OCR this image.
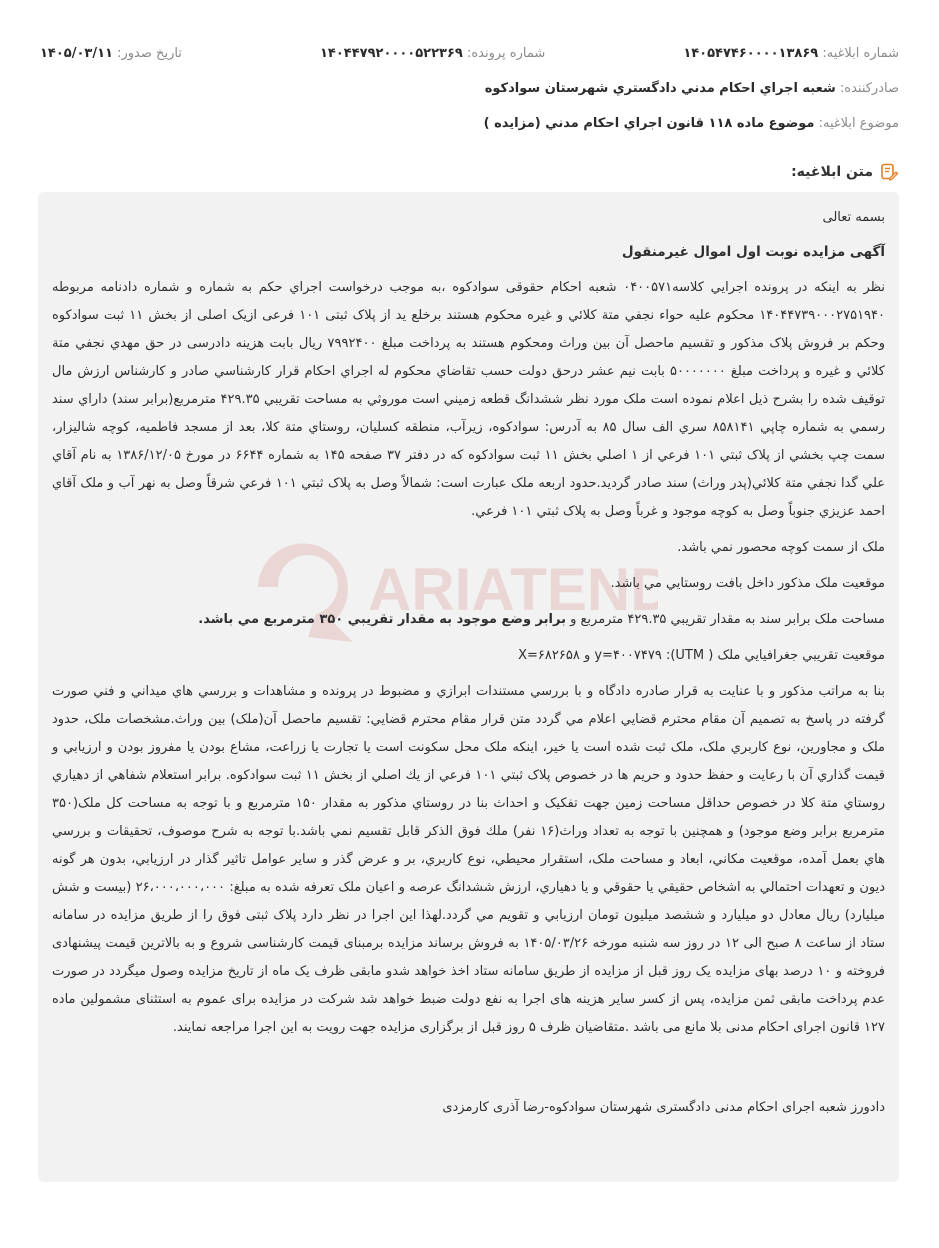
شماره ابلاغیه: ۱۴۰۵۴۷۴۶۰۰۰۰۱۳۸۶۹
شماره پرونده: ۱۴۰۴۴۷۹۲۰۰۰۰۵۲۲۳۶۹
تاریخ صدور: ۱۴۰۵/۰۳/۱۱
صادرکننده: شعبه اجراي احكام مدني دادگستري شهرستان سوادكوه
موضوع ابلاغیه: موضوع ماده ۱۱۸ قانون اجراي احكام مدني (مزايده )
متن ابلاغیه:
ARIATEND

بسمه تعالی

آگهی مزایده نوبت اول اموال غیرمنقول

نظر به اينكه در پرونده اجرايي كلاسه۰۴۰۰۵۷۱ شعبه احكام حقوقی سوادكوه ،به موجب درخواست اجراي حكم به شماره و شماره دادنامه مربوطه ۱۴۰۴۴۷۳۹۰۰۰۲۷۵۱۹۴۰ محکوم علیه حواء نجفي متة كلائي و غيره محكوم هستند برخلع يد از پلاک ثبتی ۱۰۱ فرعی ازيک اصلی از بخش ۱۱ ثبت سوادکوه وحکم بر فروش پلاک مذكور و تقسيم ماحصل آن بين وراث ومحکوم هستند به پرداخت مبلغ ۷۹۹۲۴۰۰ ريال بابت هزينه دادرسی در حق مهدي نجفي متة كلائي و غيره و پرداخت مبلغ ۵۰۰۰۰۰۰۰ بابت نيم عشر درحق دولت حسب تقاضاي محكوم له اجراي احكام قرار كارشناسي صادر و كارشناس ارزش مال توقيف شده را بشرح ذيل اعلام نموده است ملک مورد نظر ششدانگ قطعه زميني است موروثي به مساحت تقريبي ۴۲۹.۳۵ مترمربع(برابر سند) داراي سند رسمي به شماره چاپي ۸۵۸۱۴۱ سري الف سال ۸۵ به آدرس: سوادكوه، زيرآب، منطقه كسليان، روستاي متة كلا، بعد از مسجد فاطميه، کوچه شاليزار، سمت چپ بخشي از پلاک ثبتي ۱۰۱ فرعي از ۱ اصلي بخش ۱۱ ثبت سوادكوه كه در دفتر ۳۷ صفحه ۱۴۵ به شماره ۶۶۴۴ در مورخ ۱۳۸۶/۱۲/۰۵ به نام آقاي علي گدا نجفي متة كلائي(پدر وراث) سند صادر گرديد.حدود اربعه ملک عبارت است: شمالاً وصل به پلاک ثبتي ۱۰۱ فرعي شرقاً وصل به نهر آب و ملک آقاي احمد عزيزي جنوباً وصل به كوچه موجود و غرباً وصل به پلاک ثبتي ۱۰۱ فرعي.

ملک از سمت کوچه محصور نمي باشد.

موقعيت ملک مذکور داخل بافت روستايي مي باشد.

مساحت ملک برابر سند به مقدار تقريبي ۴۲۹.۳۵ مترمربع و برابر وضع موجود به مقدار تقريبي ۳۵۰ مترمربع مي باشد.

موقعيت تقريبي جغرافيايي ملک ( UTM): y=۴۰۰۷۴۷۹ و X=۶۸۲۶۵۸

بنا به مراتب مذكور و با عنايت به قرار صادره دادگاه و با بررسي مستندات ابرازي و مضبوط در پرونده و مشاهدات و بررسي هاي ميداني و فني صورت گرفته در پاسخ به تصميم آن مقام محترم قضايي اعلام مي گردد متن قرار مقام محترم قضايي: تقسيم ماحصل آن(ملک) بين وراث.مشخصات ملک، حدود ملک و مجاورين، نوع كاربري ملک، ملک ثبت شده است يا خير، اينكه ملک محل سكونت است يا تجارت يا زراعت، مشاع بودن يا مفروز بودن و ارزيابي و قيمت گذاري آن با رعايت و حفظ حدود و حريم ها در خصوص پلاک ثبتي ۱۰۱ فرعي از يك اصلي از بخش ۱۱ ثبت سوادكوه. برابر استعلام شفاهي از دهياري روستاي متة كلا در خصوص حداقل مساحت زمين جهت تفکيک و احداث بنا در روستاي مذکور به مقدار ۱۵۰ مترمربع و با توجه به مساحت كل ملک(۳۵۰ مترمربع برابر وضع موجود) و همچنين با توجه به تعداد وراث(۱۶ نفر) ملك فوق الذكر قابل تقسيم نمي باشد.با توجه به شرح موصوف، تحقيقات و بررسي هاي بعمل آمده، موقعيت مكاني، ابعاد و مساحت ملک، استقرار محيطي، نوع كاربري، بر و عرض گذر و ساير عوامل تاثير گذار در ارزيابي، بدون هر گونه ديون و تعهدات احتمالي به اشخاص حقيقي يا حقوقي و يا دهياري، ارزش ششدانگ عرصه و اعيان ملک تعرفه شده به مبلغ: ۲۶،۰۰۰،۰۰۰،۰۰۰ (بيست و شش ميليارد) ريال معادل دو ميليارد و ششصد ميليون تومان ارزيابي و تقويم مي گردد.لهذا این اجرا در نظر دارد پلاک ثبتی فوق را از طریق مزایده در سامانه ستاد از ساعت ۸ صبح الی ۱۲ در روز سه شنبه مورخه ۱۴۰۵/۰۳/۲۶ به فروش برساند مزایده برمبنای قیمت كارشناسی شروع و به بالاترین قیمت پیشنهادی فروخته و ۱۰ درصد بهای مزایده یک روز قبل از مزایده از طریق سامانه ستاد اخذ خواهد شدو مابقی ظرف یک ماه از تاریخ مزایده وصول میگردد در صورت عدم پرداخت مابقی ثمن مزایده، پس از کسر سایر هزینه های اجرا به نفع دولت ضبط خواهد شد شرکت در مزایده برای عموم به استثنای مشمولین ماده ۱۲۷ قانون اجرای احکام مدنی بلا مانع می باشد .متقاضیان ظرف ۵ روز قبل از برگزاری مزایده جهت رویت به این اجرا مراجعه نمایند.

دادورز شعبه اجرای احکام مدنی دادگستری شهرستان سوادکوه-رضا آذری کارمزدی
